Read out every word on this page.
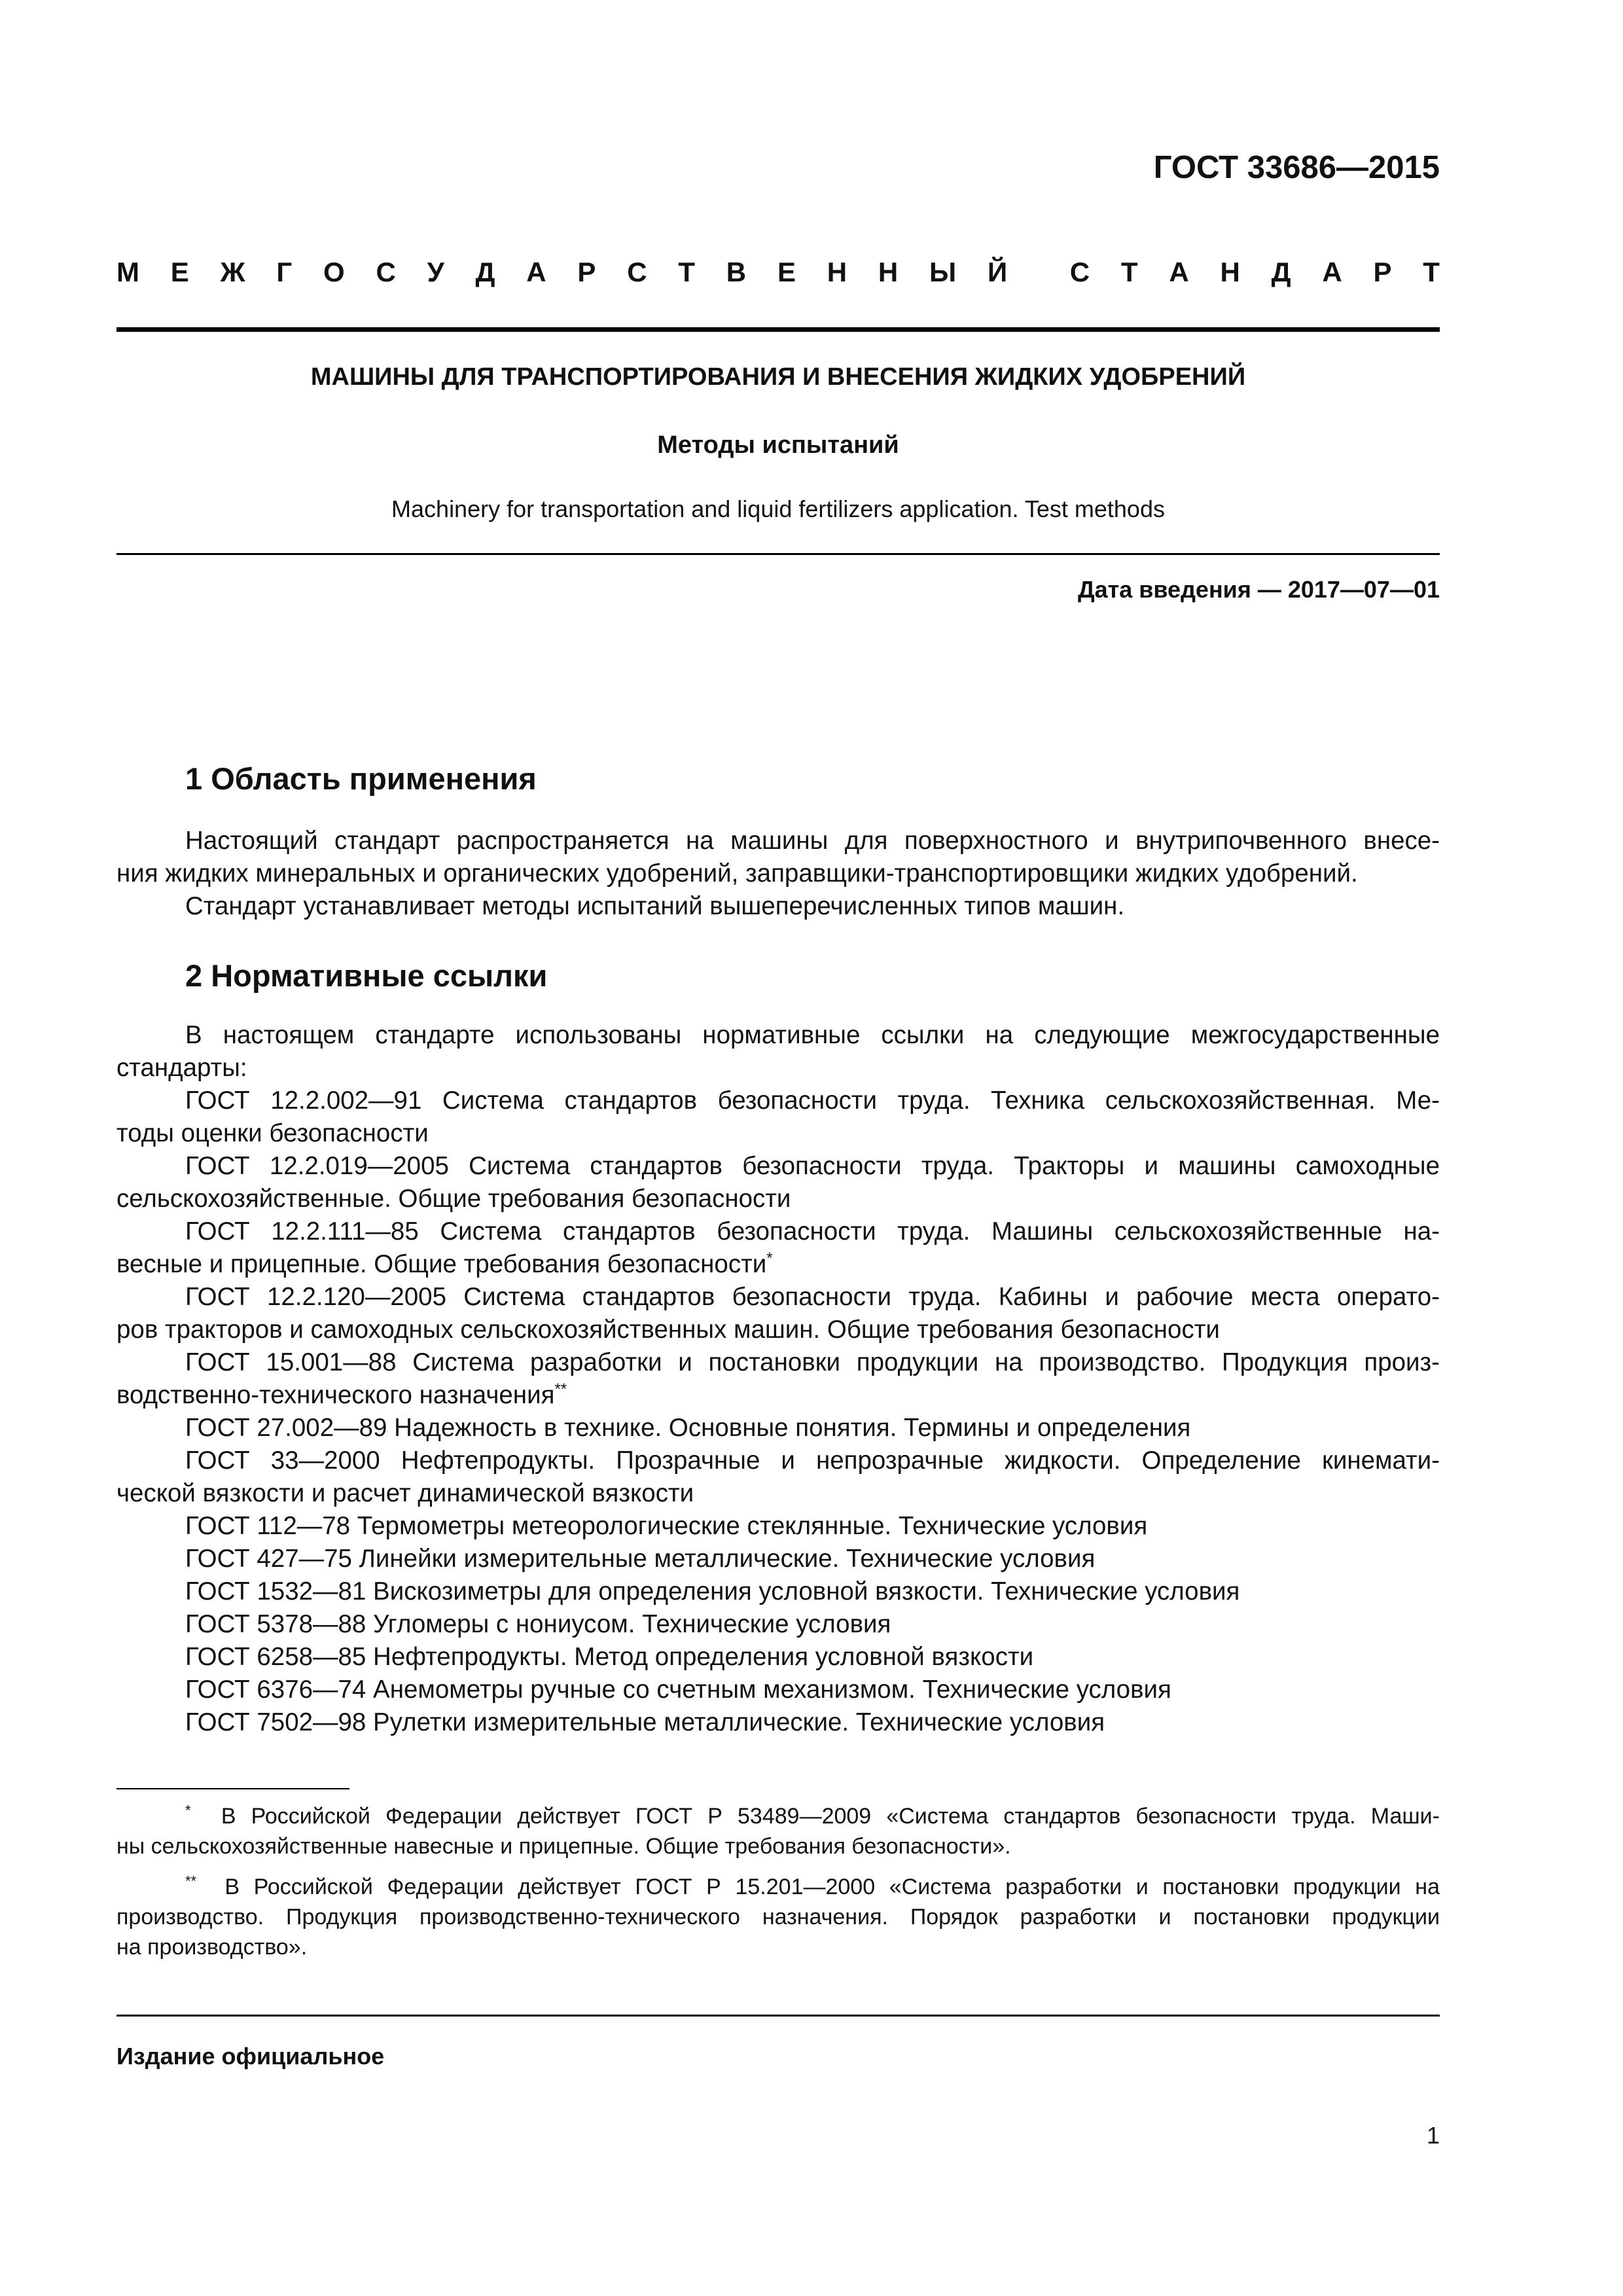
ГОСТ 33686—2015
М Е Ж Г О С У Д А Р С Т В Е Н Н Ы Й С Т А Н Д А Р Т
МАШИНЫ ДЛЯ ТРАНСПОРТИРОВАНИЯ И ВНЕСЕНИЯ ЖИДКИХ УДОБРЕНИЙ
Методы испытаний
Machinery for transportation and liquid fertilizers application. Test methods
Дата введения — 2017—07—01
1 Область применения
Настоящий стандарт распространяется на машины для поверхностного и внутрипочвенного внесе-
ния жидких минеральных и органических удобрений, заправщики-транспортировщики жидких удобрений.
Стандарт устанавливает методы испытаний вышеперечисленных типов машин.
2 Нормативные ссылки
В настоящем стандарте использованы нормативные ссылки на следующие межгосударственные
стандарты:
ГОСТ 12.2.002—91 Система стандартов безопасности труда. Техника сельскохозяйственная. Ме-
тоды оценки безопасности
ГОСТ 12.2.019—2005 Система стандартов безопасности труда. Тракторы и машины самоходные
сельскохозяйственные. Общие требования безопасности
ГОСТ 12.2.111—85 Система стандартов безопасности труда. Машины сельскохозяйственные на-
весные и прицепные. Общие требования безопасности*
ГОСТ 12.2.120—2005 Система стандартов безопасности труда. Кабины и рабочие места операто-
ров тракторов и самоходных сельскохозяйственных машин. Общие требования безопасности
ГОСТ 15.001—88 Система разработки и постановки продукции на производство. Продукция произ-
водственно-технического назначения**
ГОСТ 27.002—89 Надежность в технике. Основные понятия. Термины и определения
ГОСТ 33—2000 Нефтепродукты. Прозрачные и непрозрачные жидкости. Определение кинемати-
ческой вязкости и расчет динамической вязкости
ГОСТ 112—78 Термометры метеорологические стеклянные. Технические условия
ГОСТ 427—75 Линейки измерительные металлические. Технические условия
ГОСТ 1532—81 Вискозиметры для определения условной вязкости. Технические условия
ГОСТ 5378—88 Угломеры с нониусом. Технические условия
ГОСТ 6258—85 Нефтепродукты. Метод определения условной вязкости
ГОСТ 6376—74 Анемометры ручные со счетным механизмом. Технические условия
ГОСТ 7502—98 Рулетки измерительные металлические. Технические условия
* В Российской Федерации действует ГОСТ Р 53489—2009 «Система стандартов безопасности труда. Маши-
ны сельскохозяйственные навесные и прицепные. Общие требования безопасности».
** В Российской Федерации действует ГОСТ Р 15.201—2000 «Система разработки и постановки продукции на
производство. Продукция производственно-технического назначения. Порядок разработки и постановки продукции
на производство».
Издание официальное
1
